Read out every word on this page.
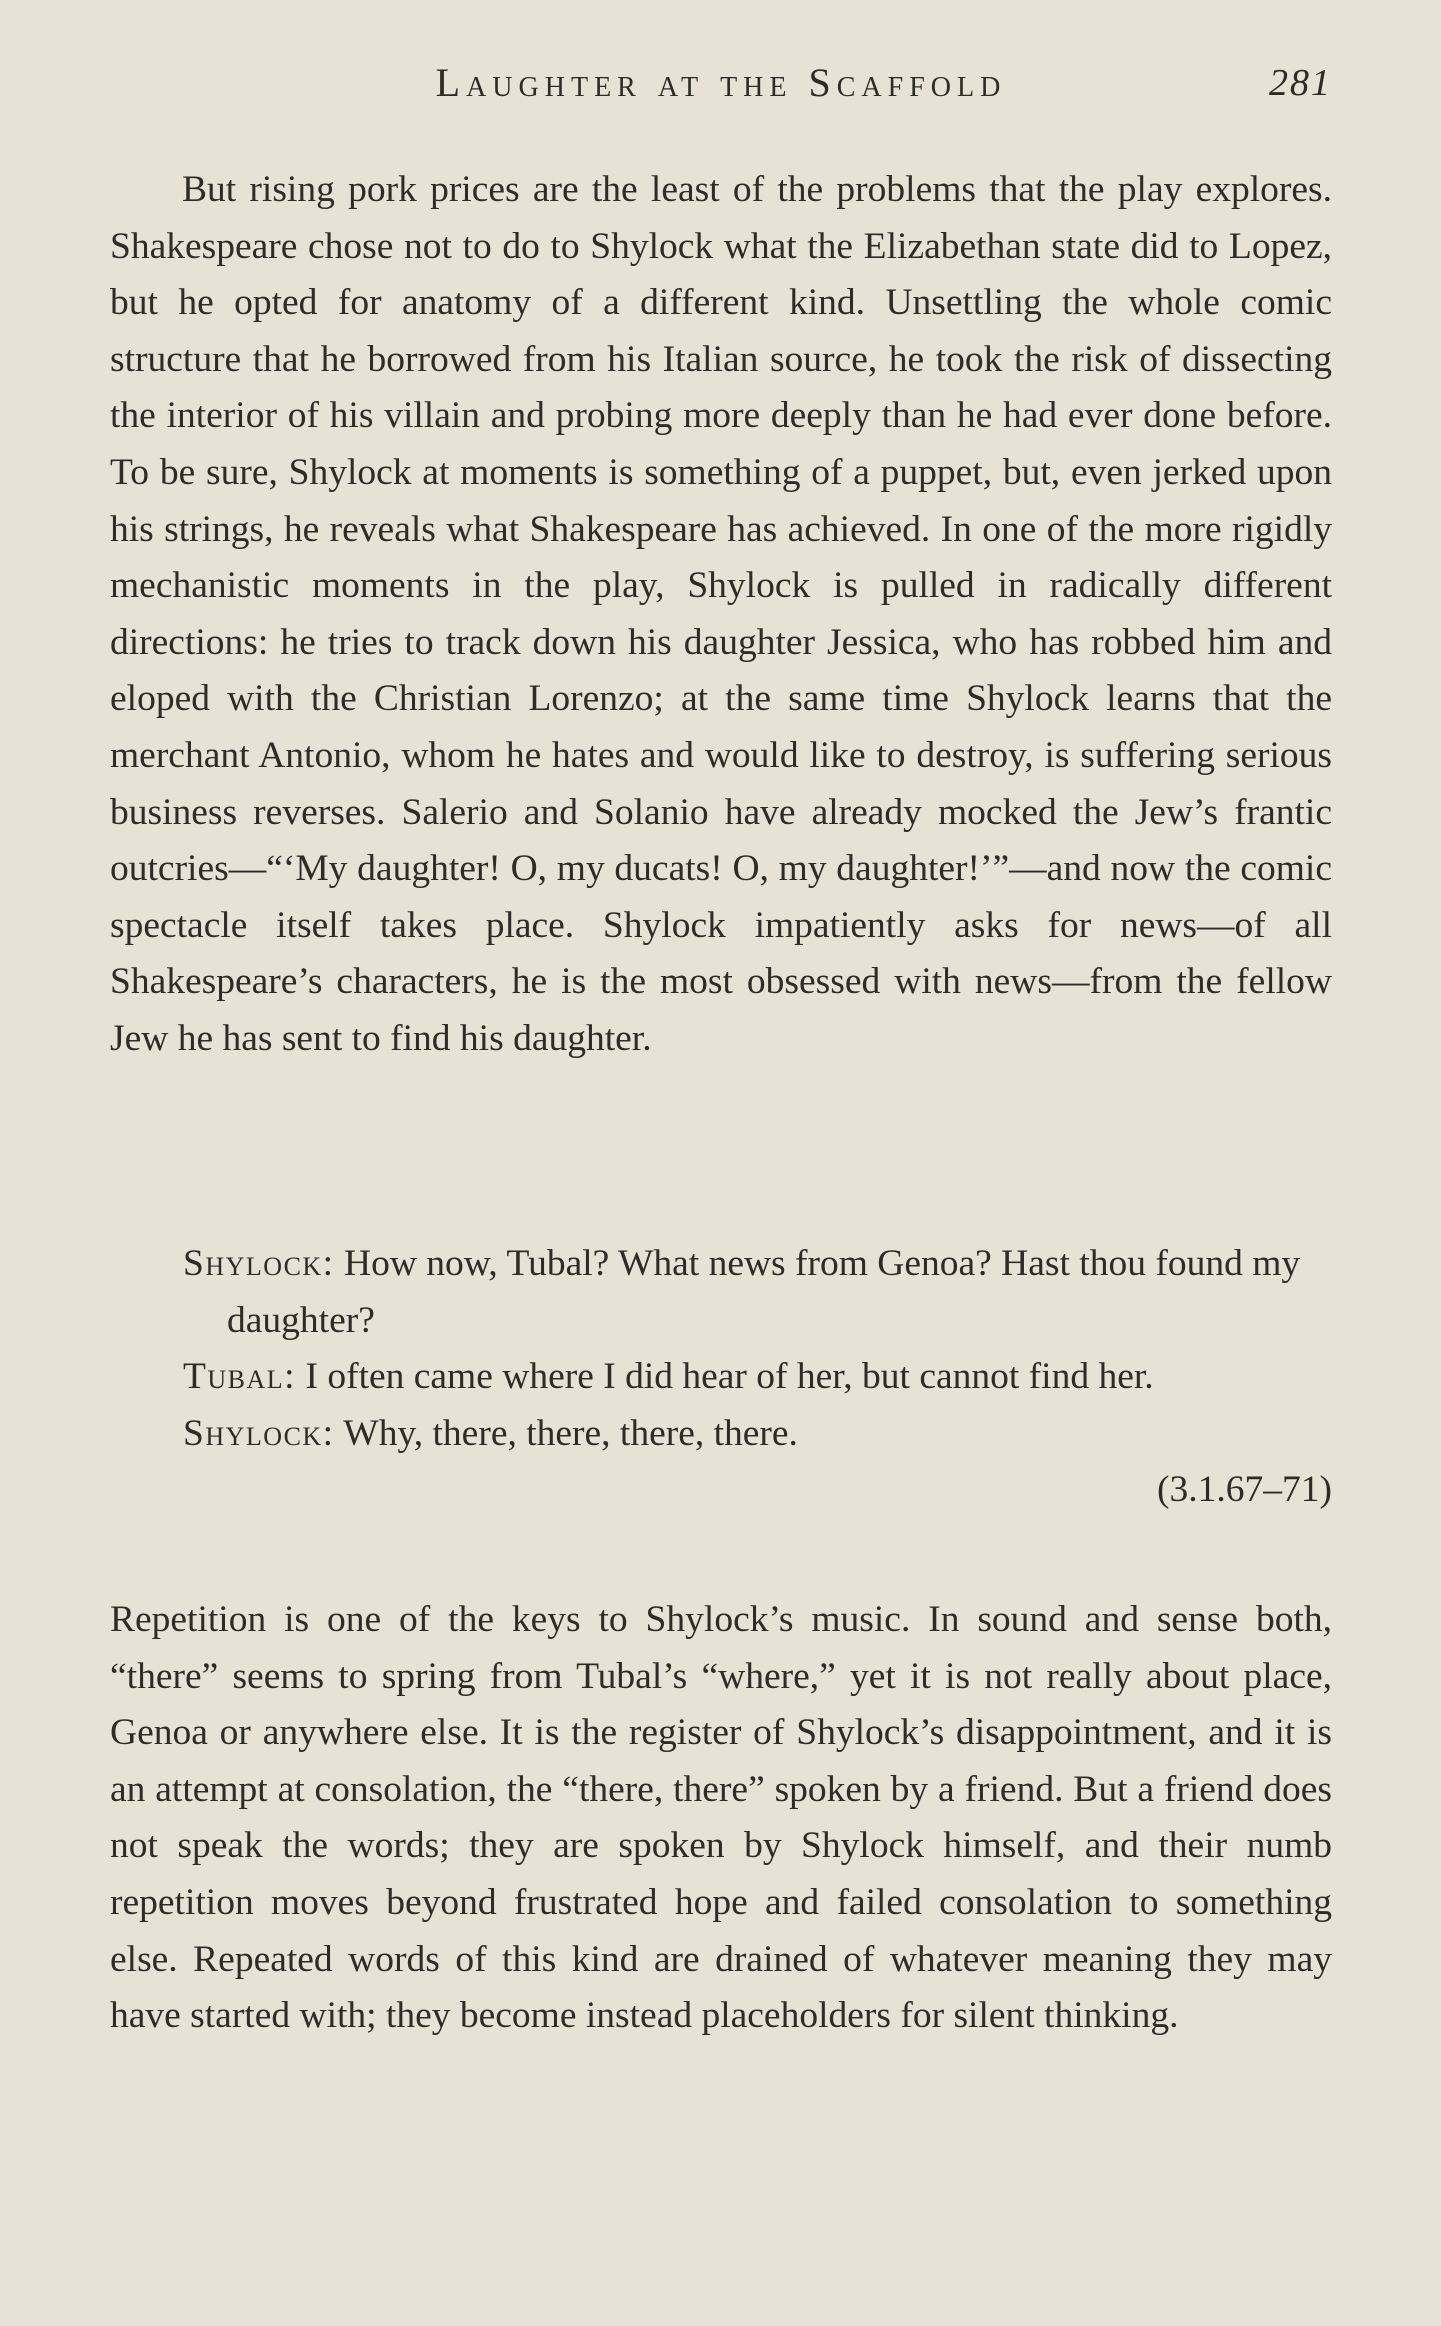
Laughter at the Scaffold	281

But rising pork prices are the least of the problems that the play explores. Shakespeare chose not to do to Shylock what the Elizabethan state did to Lopez, but he opted for anatomy of a different kind. Unsettling the whole comic structure that he borrowed from his Italian source, he took the risk of dissecting the interior of his villain and probing more deeply than he had ever done before. To be sure, Shylock at moments is something of a puppet, but, even jerked upon his strings, he reveals what Shakespeare has achieved. In one of the more rigidly mechanistic moments in the play, Shylock is pulled in radically different directions: he tries to track down his daughter Jessica, who has robbed him and eloped with the Christian Lorenzo; at the same time Shylock learns that the merchant Antonio, whom he hates and would like to destroy, is suffering serious business reverses. Salerio and Solanio have already mocked the Jew’s frantic outcries—“‘My daughter! O, my ducats! O, my daughter!’”—and now the comic spectacle itself takes place. Shylock impatiently asks for news—of all Shakespeare’s characters, he is the most obsessed with news—from the fellow Jew he has sent to find his daughter.

Shylock: How now, Tubal? What news from Genoa? Hast thou found my daughter?

Tubal: I often came where I did hear of her, but cannot find her.

Shylock: Why, there, there, there, there.

(3.1.67–71)

Repetition is one of the keys to Shylock’s music. In sound and sense both, “there” seems to spring from Tubal’s “where,” yet it is not really about place, Genoa or anywhere else. It is the register of Shylock’s disappointment, and it is an attempt at consolation, the “there, there” spoken by a friend. But a friend does not speak the words; they are spoken by Shylock himself, and their numb repetition moves beyond frustrated hope and failed consolation to something else. Repeated words of this kind are drained of whatever meaning they may have started with; they become instead placeholders for silent thinking.
